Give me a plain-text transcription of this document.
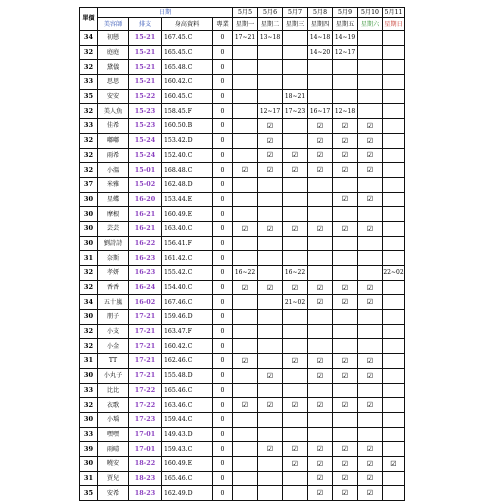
單價	日期				5月5	5月6	5月7	5月8	5月9	5月10	5月11
	美容師	排支	身高資料	專業	星期一	星期二	星期三	星期四	星期五	星期六	星期日
34	初戀	15-21	167.45.C	0	17~21	13~18		14~18	14~19		
32	庭庭	15-21	165.45.C	0				14~20	12~17		
32	黛儀	15-21	165.48.C	0							
33	思思	15-21	160.42.C	0							
35	安安	15-22	160.45.C	0			18~21				
32	美人魚	15-23	158.45.F	0		12~17	17~23	16~17	12~18		
33	佳希	15-23	160.50.B	0		☑		☑	☑	☑	
32	嘟嘟	15-24	153.42.D	0		☑		☑	☑	☑	
32	雨希	15-24	152.40.C	0		☑	☑	☑	☑	☑	
32	小溫	15-01	168.48.C	0	☑	☑	☑	☑	☑	☑	
37	米雅	15-02	162.48.D	0							
30	星蝶	16-20	153.44.E	0					☑	☑	
30	摩根	16-21	160.49.E	0							
30	芸芸	16-21	163.40.C	0	☑	☑	☑	☑	☑	☑	
30	劉詩詩	16-22	156.41.F	0							
31	奈斯	16-23	161.42.C	0							
32	孝妍	16-23	155.42.C	0	16~22		16~22				22~02
32	香香	16-24	154.40.C	0	☑	☑	☑	☑	☑	☑	
34	五十嵐	16-02	167.46.C	0			21~02	☑	☑	☑	
30	朋子	17-21	159.46.D	0							
32	小支	17-21	163.47.F	0							
32	小金	17-21	160.42.C	0							
31	TT	17-21	162.46.C	0	☑		☑	☑	☑	☑	
30	小丸子	17-21	155.48.D	0		☑		☑	☑	☑	
33	比比	17-22	165.46.C	0							
32	衣歌	17-22	163.46.C	0	☑	☑	☑	☑	☑	☑	
30	小瑀	17-23	159.44.C	0							
33	嘿嘿	17-01	149.43.D	0							
39	雨晴	17-01	159.43.C	0		☑	☑	☑	☑	☑	
30	曉安	18-22	160.49.E	0			☑	☑	☑	☑	☑
31	賈兒	18-23	165.46.C	0				☑	☑	☑	
35	安希	18-23	162.49.D	0				☑	☑	☑	
